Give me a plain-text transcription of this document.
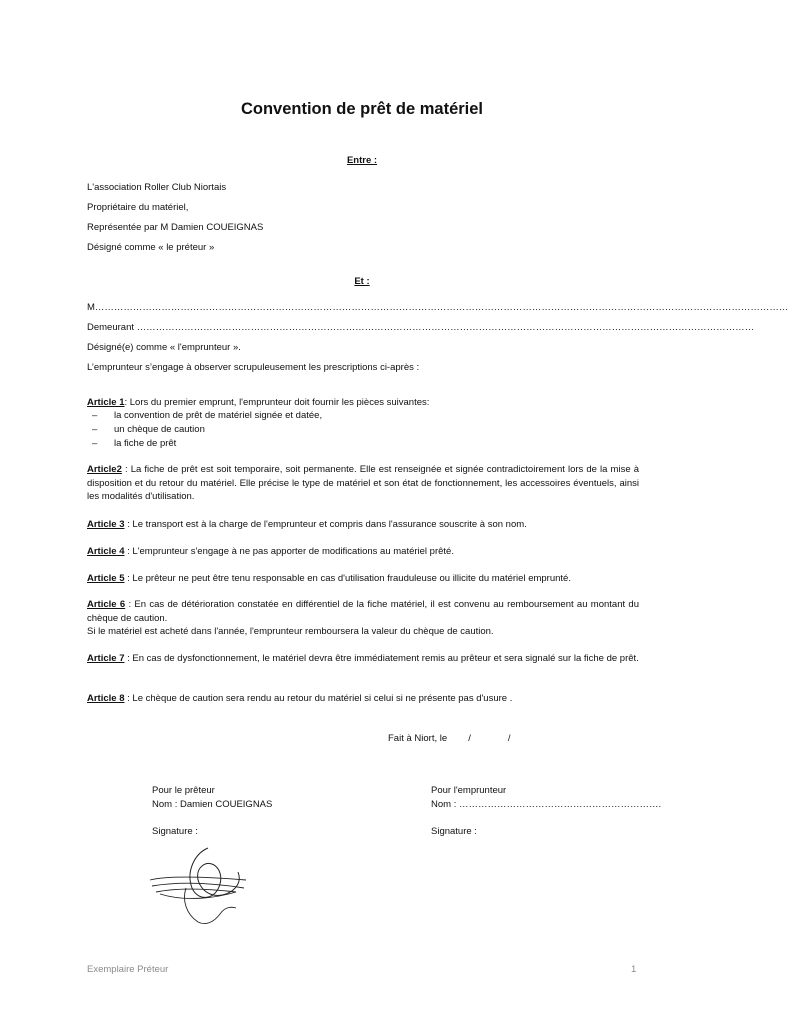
Convention de prêt de matériel
Entre :
L'association Roller Club Niortais
Propriétaire du matériel,
Représentée par M Damien COUEIGNAS
Désigné comme « le préteur »
Et :
M…………………………………………………………………………………………………………………………………………………………………………………………………
Demeurant ……………………………………………………………………………………………………………………………………………………………………………
Désigné(e) comme « l'emprunteur ».
L’emprunteur s’engage à observer scrupuleusement les prescriptions ci-après :
Article 1: Lors du premier emprunt, l'emprunteur doit fournir les pièces suivantes:
– la convention de prêt de matériel signée et datée,
– un chèque de caution
– la fiche de prêt
Article2 : La fiche de prêt est soit temporaire, soit permanente. Elle est renseignée et signée contradictoirement lors de la mise à disposition et du retour du matériel. Elle précise le type de matériel et son état de fonctionnement, les accessoires éventuels, ainsi les modalités d'utilisation.
Article 3 : Le transport est à la charge de l'emprunteur et compris dans l'assurance souscrite à son nom.
Article 4 : L'emprunteur s'engage à ne pas apporter de modifications au matériel prêté.
Article 5 : Le prêteur ne peut être tenu responsable en cas d'utilisation frauduleuse ou illicite du matériel emprunté.
Article 6 : En cas de détérioration constatée en différentiel de la fiche matériel, il est convenu au remboursement au montant du chèque de caution.
Si le matériel est acheté dans l'année, l'emprunteur remboursera la valeur du chèque de caution.
Article 7 : En cas de dysfonctionnement, le matériel devra être immédiatement remis au prêteur et sera signalé sur la fiche de prêt.
Article 8 : Le chèque de caution sera rendu au retour du matériel si celui si ne présente pas d'usure .
Fait à Niort, le        /              /
Pour le prêteur
Nom : Damien COUEIGNAS
Signature :
Pour l'emprunteur
Nom : ……………………………………………………….
Signature :
Exemplaire Préteur	1
